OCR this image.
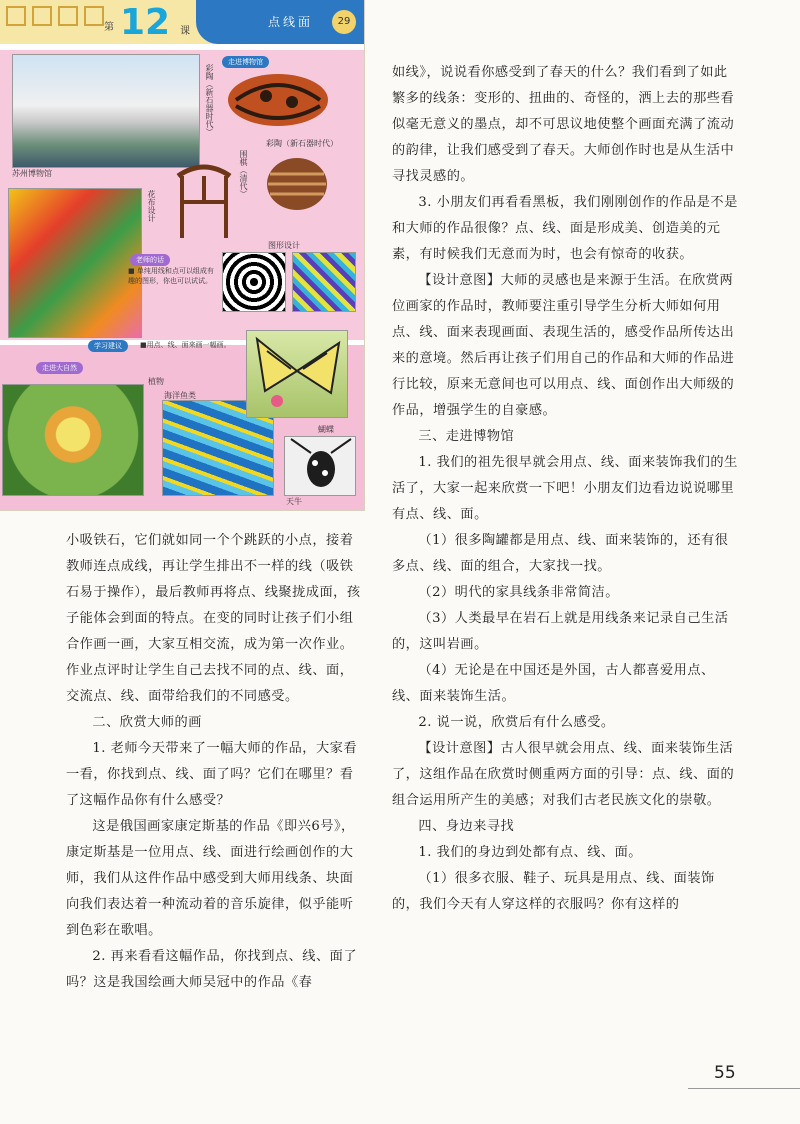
第 12 课
点线面	29
苏州博物馆
走进博物馆
彩陶（新石器时代）
彩陶（新石器时代）
围棋（清代）
花布设计
老师的话
■ 单纯用线和点可以组成有趣的图形，你也可以试试。
图形设计
学习建议	■用点、线、面来画一幅画。
走进大自然
植物
海洋鱼类
蝴蝶
天牛

小吸铁石，它们就如同一个个跳跃的小点，接着教师连点成线，再让学生排出不一样的线（吸铁石易于操作），最后教师再将点、线聚拢成面，孩子能体会到面的特点。在变的同时让孩子们小组合作画一画，大家互相交流，成为第一次作业。作业点评时让学生自己去找不同的点、线、面，交流点、线、面带给我们的不同感受。

二、欣赏大师的画

1. 老师今天带来了一幅大师的作品，大家看一看，你找到点、线、面了吗？它们在哪里？看了这幅作品你有什么感受？

这是俄国画家康定斯基的作品《即兴6号》，康定斯基是一位用点、线、面进行绘画创作的大师，我们从这件作品中感受到大师用线条、块面向我们表达着一种流动着的音乐旋律，似乎能听到色彩在歌唱。

2. 再来看看这幅作品，你找到点、线、面了吗？这是我国绘画大师吴冠中的作品《春

如线》，说说看你感受到了春天的什么？我们看到了如此繁多的线条：变形的、扭曲的、奇怪的，洒上去的那些看似毫无意义的墨点，却不可思议地使整个画面充满了流动的韵律，让我们感受到了春天。大师创作时也是从生活中寻找灵感的。

3. 小朋友们再看看黑板，我们刚刚创作的作品是不是和大师的作品很像？点、线、面是形成美、创造美的元素，有时候我们无意而为时，也会有惊奇的收获。

【设计意图】大师的灵感也是来源于生活。在欣赏两位画家的作品时，教师要注重引导学生分析大师如何用点、线、面来表现画面、表现生活的，感受作品所传达出来的意境。然后再让孩子们用自己的作品和大师的作品进行比较，原来无意间也可以用点、线、面创作出大师级的作品，增强学生的自豪感。

三、走进博物馆

1. 我们的祖先很早就会用点、线、面来装饰我们的生活了，大家一起来欣赏一下吧！小朋友们边看边说说哪里有点、线、面。

（1）很多陶罐都是用点、线、面来装饰的，还有很多点、线、面的组合，大家找一找。

（2）明代的家具线条非常简洁。

（3）人类最早在岩石上就是用线条来记录自己生活的，这叫岩画。

（4）无论是在中国还是外国，古人都喜爱用点、线、面来装饰生活。

2. 说一说，欣赏后有什么感受。

【设计意图】古人很早就会用点、线、面来装饰生活了，这组作品在欣赏时侧重两方面的引导：点、线、面的组合运用所产生的美感；对我们古老民族文化的崇敬。

四、身边来寻找

1. 我们的身边到处都有点、线、面。

（1）很多衣服、鞋子、玩具是用点、线、面装饰的，我们今天有人穿这样的衣服吗？你有这样的

55
